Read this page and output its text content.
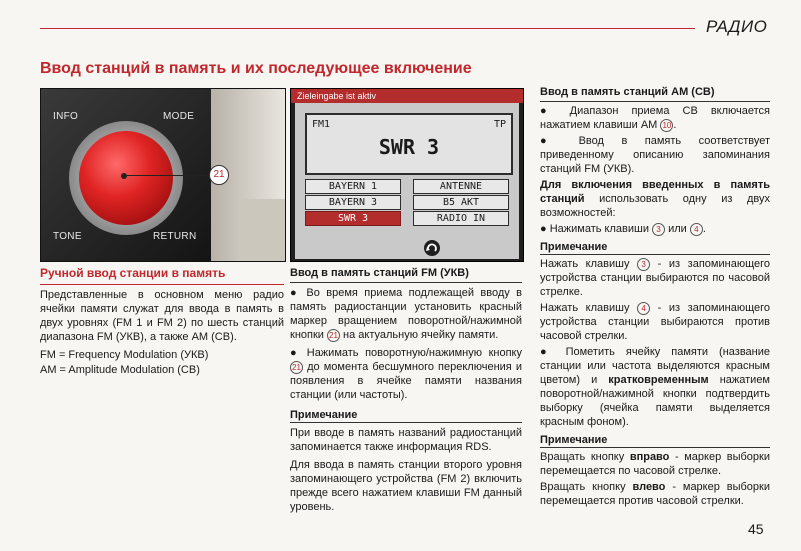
РАДИО
Ввод станций в память и их последующее включение
INFO	MODE
TONE	RETURN
21
Zieleingabe ist aktiv
FM1	TP
SWR 3
BAYERN 1	ANTENNE
BAYERN 3	B5 AKT
SWR 3	RADIO IN
Ручной ввод станции в память
Представленные в основном меню радио ячейки памяти служат для ввода в память в двух уровнях (FM 1 и FM 2) по шесть станций диапазона FM (УКВ), а также АМ (СВ).
FM = Frequency Modulation (УКВ)
AM = Amplitude Modulation (СВ)
Ввод в память станций FM (УКВ)
● Во время приема подлежащей вводу в память радиостанции установить красный маркер вращением поворотной/нажимной кнопки 21 на актуальную ячейку памяти.
● Нажимать поворотную/нажимную кнопку 21 до момента бесшумного переключения и появления в ячейке памяти названия станции (или частоты).
Примечание
При вводе в память названий радиостанций запоминается также информация RDS.
Для ввода в память станции второго уровня запоминающего устройства (FM 2) включить прежде всего нажатием клавиши FM данный уровень.
Ввод в память станций АМ (СВ)
● Диапазон приема СВ включается нажатием клавиши АМ 10 .
● Ввод в память соответствует приведенному описанию запоминания станций FM (УКВ).
Для включения введенных в память станций использовать одну из двух возможностей:
● Нажимать клавиши 3 или 4 .
Примечание
Нажать клавишу 3 - из запоминающего устройства станции выбираются по часовой стрелке.
Нажать клавишу 4 - из запоминающего устройства станции выбираются против часовой стрелки.
● Пометить ячейку памяти (название станции или частота выделяются красным цветом) и кратковременным нажатием поворотной/нажимной кнопки подтвердить выборку (ячейка памяти выделяется красным фоном).
Примечание
Вращать кнопку вправо - маркер выборки перемещается по часовой стрелке.
Вращать кнопку влево - маркер выборки перемещается против часовой стрелки.
45
